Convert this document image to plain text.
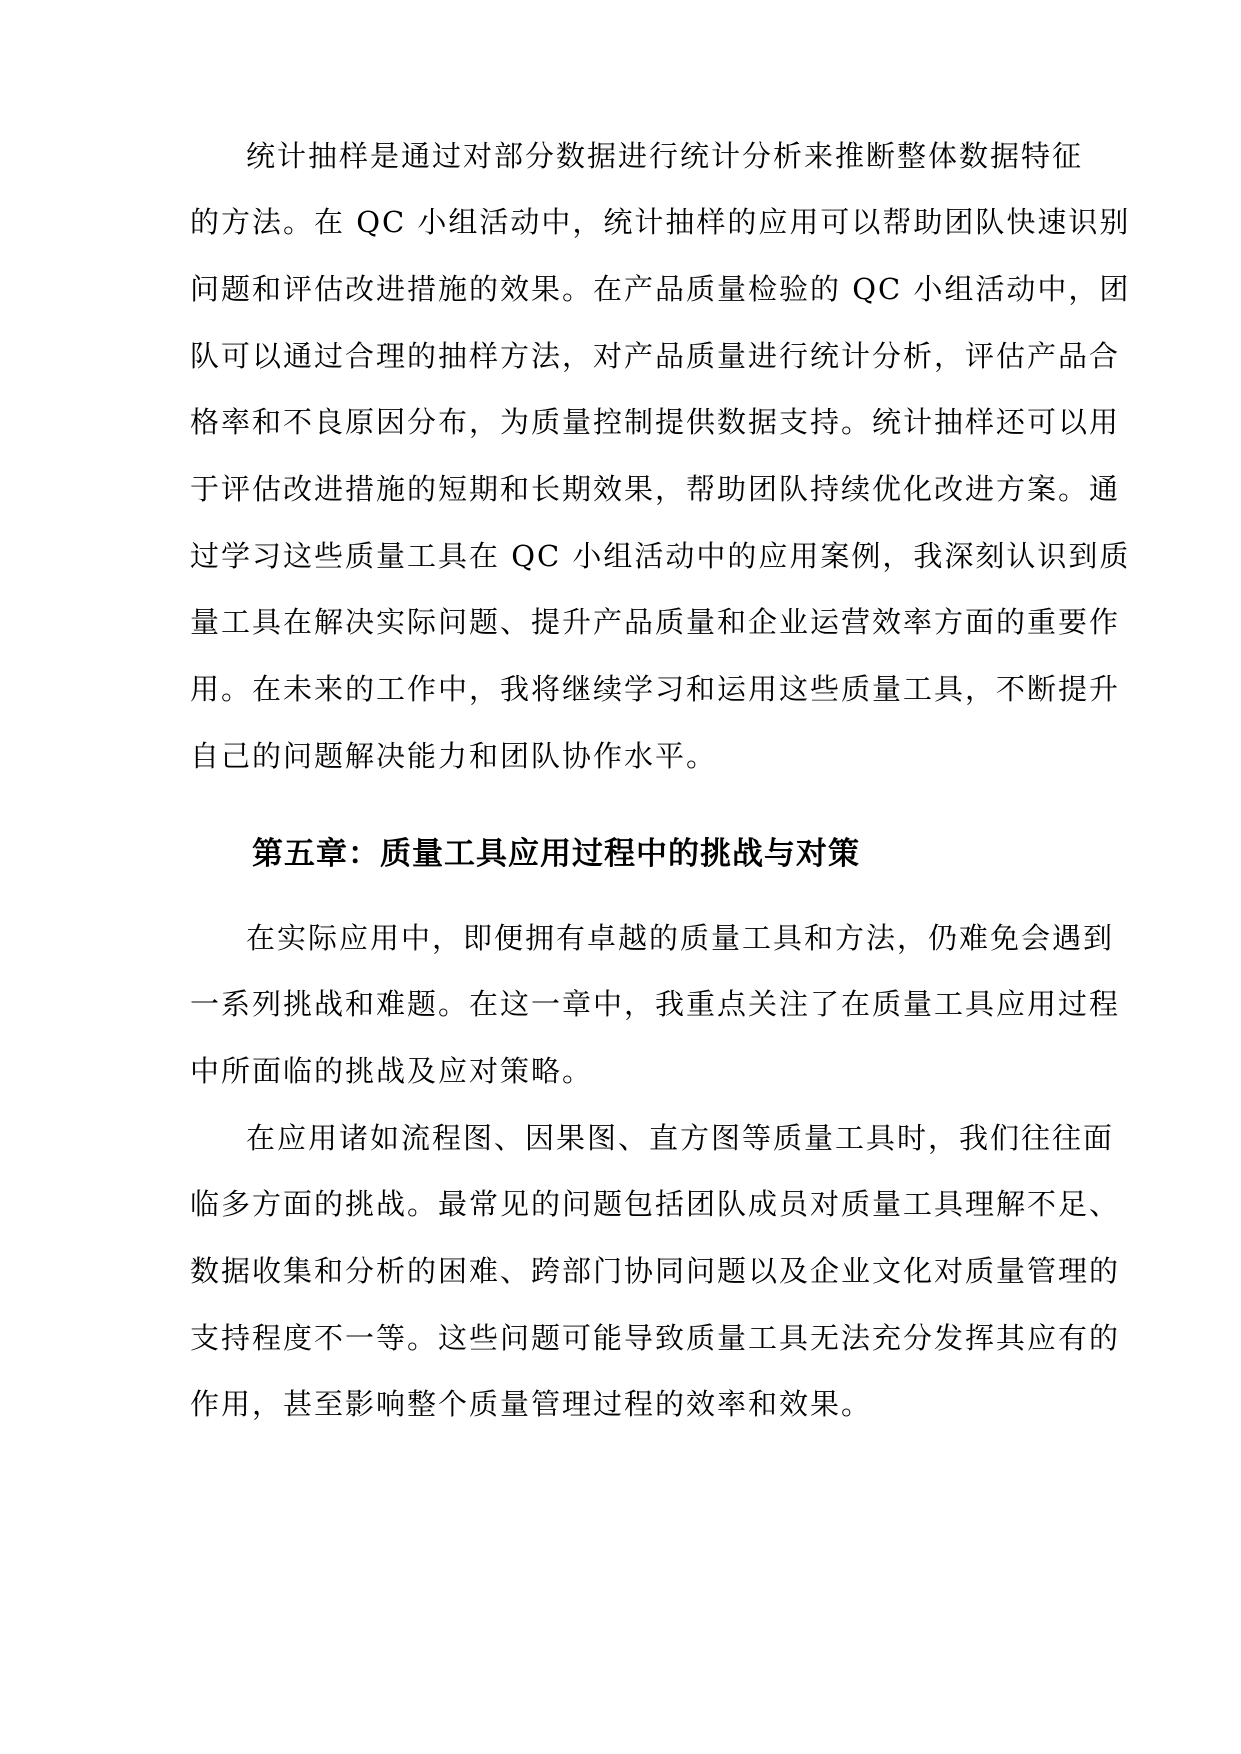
统计抽样是通过对部分数据进行统计分析来推断整体数据特征
的方法。在 QC 小组活动中，统计抽样的应用可以帮助团队快速识别
问题和评估改进措施的效果。在产品质量检验的 QC 小组活动中，团
队可以通过合理的抽样方法，对产品质量进行统计分析，评估产品合
格率和不良原因分布，为质量控制提供数据支持。统计抽样还可以用
于评估改进措施的短期和长期效果，帮助团队持续优化改进方案。通
过学习这些质量工具在 QC 小组活动中的应用案例，我深刻认识到质
量工具在解决实际问题、提升产品质量和企业运营效率方面的重要作
用。在未来的工作中，我将继续学习和运用这些质量工具，不断提升
自己的问题解决能力和团队协作水平。
第五章：质量工具应用过程中的挑战与对策
在实际应用中，即便拥有卓越的质量工具和方法，仍难免会遇到
一系列挑战和难题。在这一章中，我重点关注了在质量工具应用过程
中所面临的挑战及应对策略。
在应用诸如流程图、因果图、直方图等质量工具时，我们往往面
临多方面的挑战。最常见的问题包括团队成员对质量工具理解不足、
数据收集和分析的困难、跨部门协同问题以及企业文化对质量管理的
支持程度不一等。这些问题可能导致质量工具无法充分发挥其应有的
作用，甚至影响整个质量管理过程的效率和效果。
